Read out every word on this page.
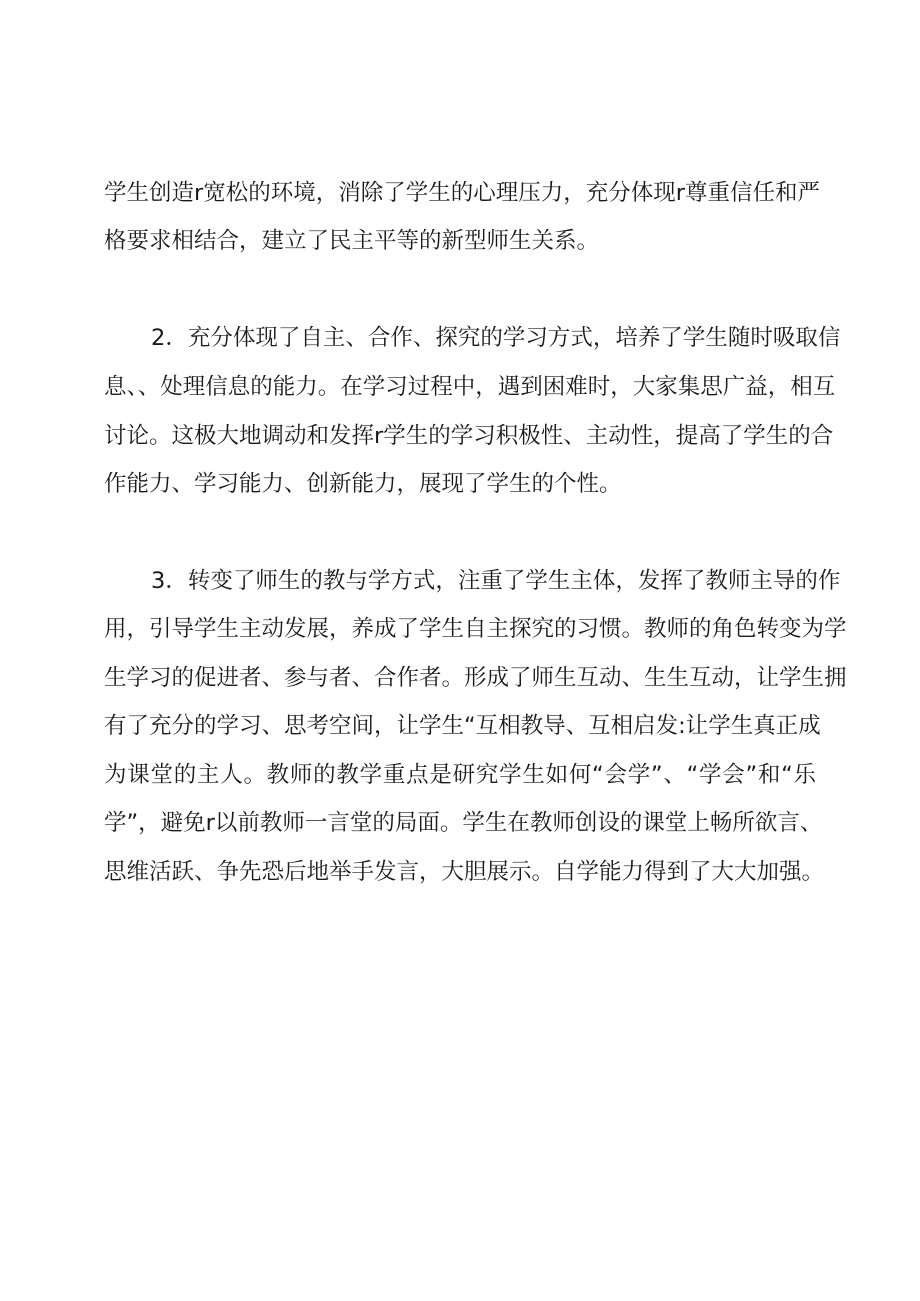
学生创造r宽松的环境，消除了学生的心理压力，充分体现r尊重信任和严

格要求相结合，建立了民主平等的新型师生关系。

2．充分体现了自主、合作、探究的学习方式，培养了学生随时吸取信

息、、处理信息的能力。在学习过程中，遇到困难时，大家集思广益，相互

讨论。这极大地调动和发挥r学生的学习积极性、主动性，提高了学生的合

作能力、学习能力、创新能力，展现了学生的个性。

3．转变了师生的教与学方式，注重了学生主体，发挥了教师主导的作

用，引导学生主动发展，养成了学生自主探究的习惯。教师的角色转变为学

生学习的促进者、参与者、合作者。形成了师生互动、生生互动，让学生拥

有了充分的学习、思考空间，让学生“互相教导、互相启发:让学生真正成

为课堂的主人。教师的教学重点是研究学生如何“会学”、“学会”和“乐

学”，避免r以前教师一言堂的局面。学生在教师创设的课堂上畅所欲言、

思维活跃、争先恐后地举手发言，大胆展示。自学能力得到了大大加强。
